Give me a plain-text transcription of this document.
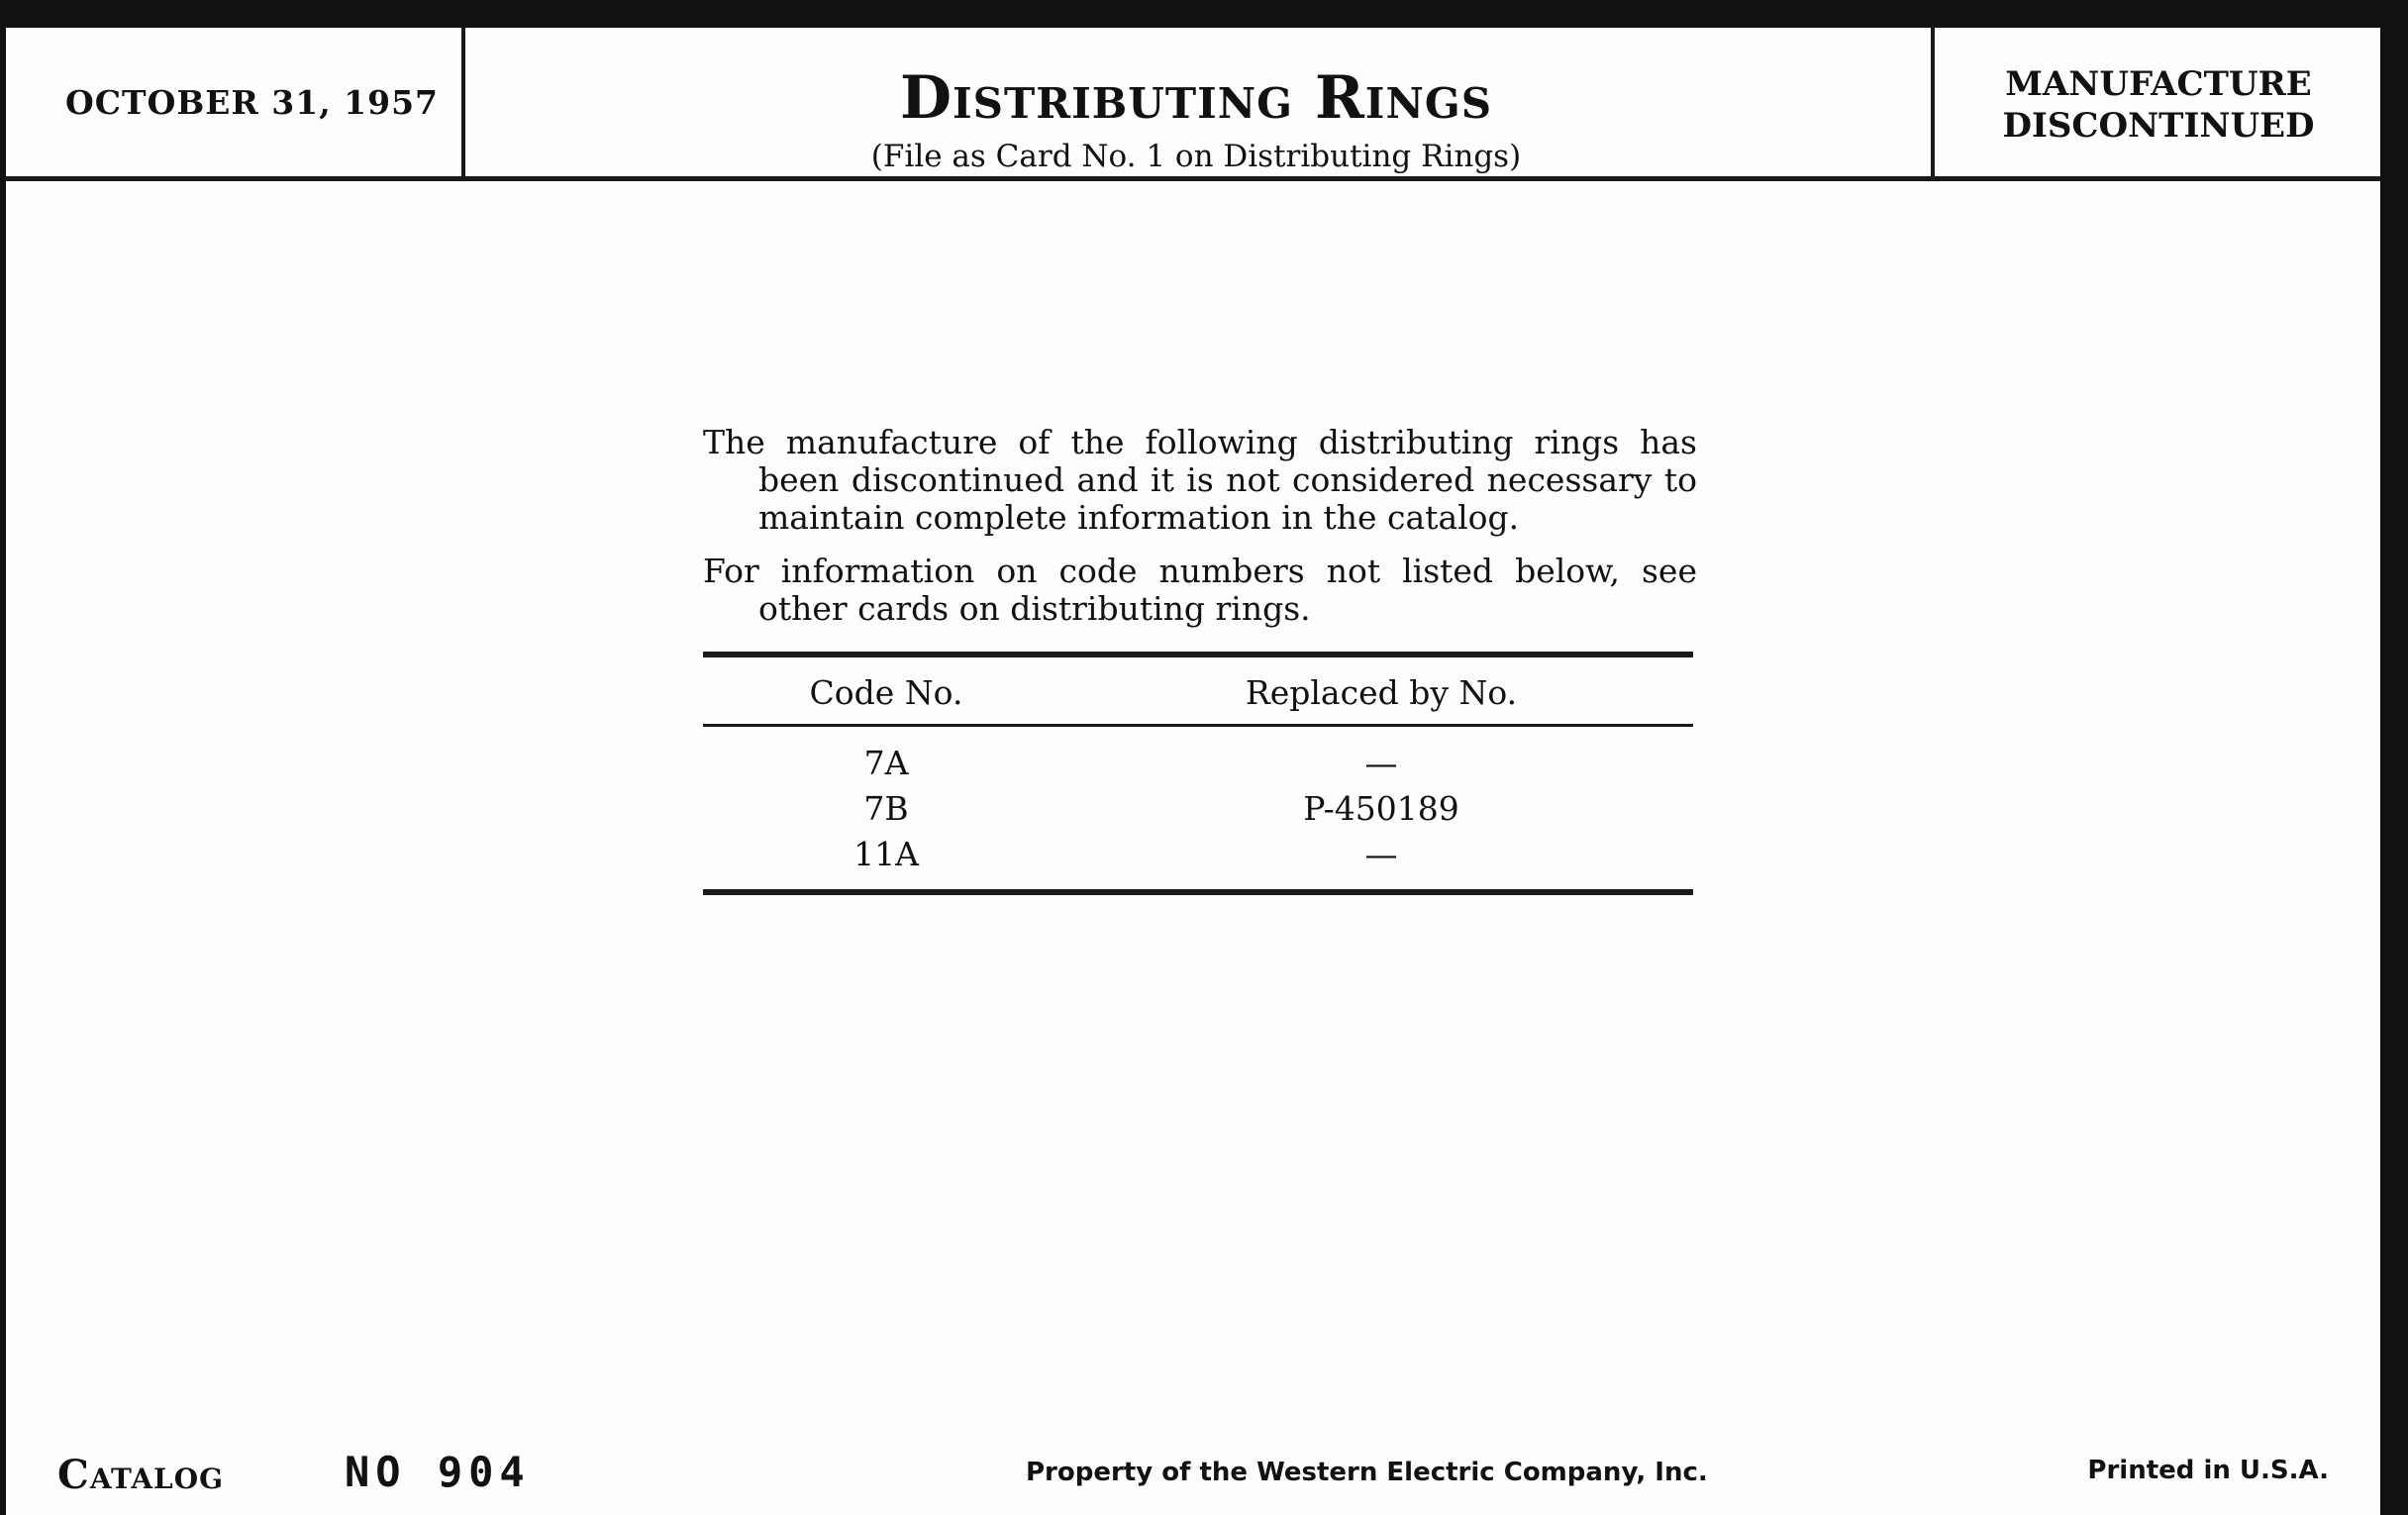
OCTOBER 31, 1957	Distributing Rings
(File as Card No. 1 on Distributing Rings)
MANUFACTURE
DISCONTINUED

The manufacture of the following distributing rings has been discontinued and it is not considered necessary to maintain complete information in the catalog.

For information on code numbers not listed below, see other cards on distributing rings.

Code No.	Replaced by No.
7A	—
7B	P-450189
11A	—
Catalog	NO 904	Property of the Western Electric Company, Inc.	Printed in U.S.A.
